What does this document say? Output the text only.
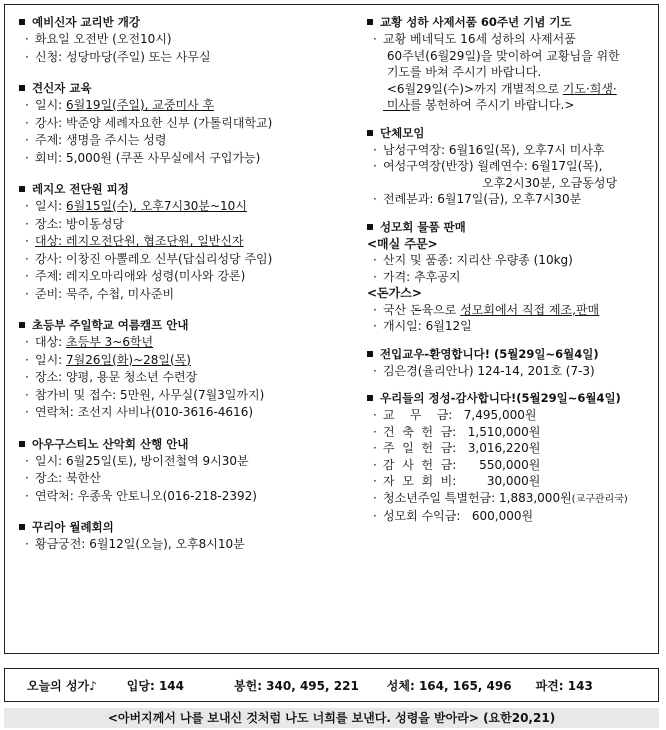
예비신자 교리반 개강
· 화요일 오전반 (오전10시)
· 신청: 성당마당(주일) 또는 사무실
견신자 교육
· 일시: 6월19일(주일), 교중미사 후
· 강사: 박준양 세례자요한 신부 (가톨릭대학교)
· 주제: 생명을 주시는 성령
· 회비: 5,000원 (쿠폰 사무실에서 구입가능)
레지오 전단원 피정
· 일시: 6월15일(수), 오후7시30분~10시
· 장소: 방이동성당
· 대상: 레지오전단원, 협조단원, 일반신자
· 강사: 이창진 아뽈레오 신부(답십리성당 주임)
· 주제: 레지오마리애와 성령(미사와 강론)
· 준비: 묵주, 수첩, 미사준비
초등부 주일학교 여름캠프 안내
· 대상: 초등부 3~6학년
· 일시: 7월26일(화)~28일(목)
· 장소: 양평, 용문 청소년 수련장
· 참가비 및 접수: 5만원, 사무실(7월3일까지)
· 연락처: 조선지 사비나(010-3616-4616)
아우구스티노 산악회 산행 안내
· 일시: 6월25일(토), 방이전철역 9시30분
· 장소: 북한산
· 연락처: 우종욱 안토니오(016-218-2392)
꾸리아 월례회의
· 황금궁전: 6월12일(오늘), 오후8시10분
교황 성하 사제서품 60주년 기념 기도
· 교황 베네딕도 16세 성하의 사제서품
60주년(6월29일)을 맞이하여 교황님을 위한
기도를 바쳐 주시기 바랍니다.
<6월29일(수)>까지 개별적으로 기도·희생·
미사를 봉헌하여 주시기 바랍니다.>
단체모임
· 남성구역장: 6월16일(목), 오후7시 미사후
· 여성구역장(반장) 월례연수: 6월17일(목),
오후2시30분, 오금동성당
· 전례분과: 6월17일(금), 오후7시30분
성모회 물품 판매
<매실 주문>
· 산지 및 품종: 지리산 우량종 (10kg)
· 가격: 추후공지
<돈가스>
· 국산 돈육으로 성모회에서 직접 제조,판매
· 개시일: 6월12일
전입교우-환영합니다! (5월29일~6월4일)
· 김은경(율리안나) 124-14, 201호 (7-3)
우리들의 정성-감사합니다!(5월29일~6월4일)
· 교    무    금:   7,495,000원
· 건  축  헌  금:   1,510,000원
· 주  일  헌  금:   3,016,220원
· 감  사  헌  금:      550,000원
· 자  모  회  비:        30,000원
· 청소년주일 특별헌금: 1,883,000원(교구관리국)
· 성모회 수익금:   600,000원
오늘의 성가♪	입당: 144	봉헌: 340, 495, 221 성체: 164, 165, 496 파견: 143
<아버지께서 나를 보내신 것처럼 나도 너희를 보낸다. 성령을 받아라> (요한20,21)
